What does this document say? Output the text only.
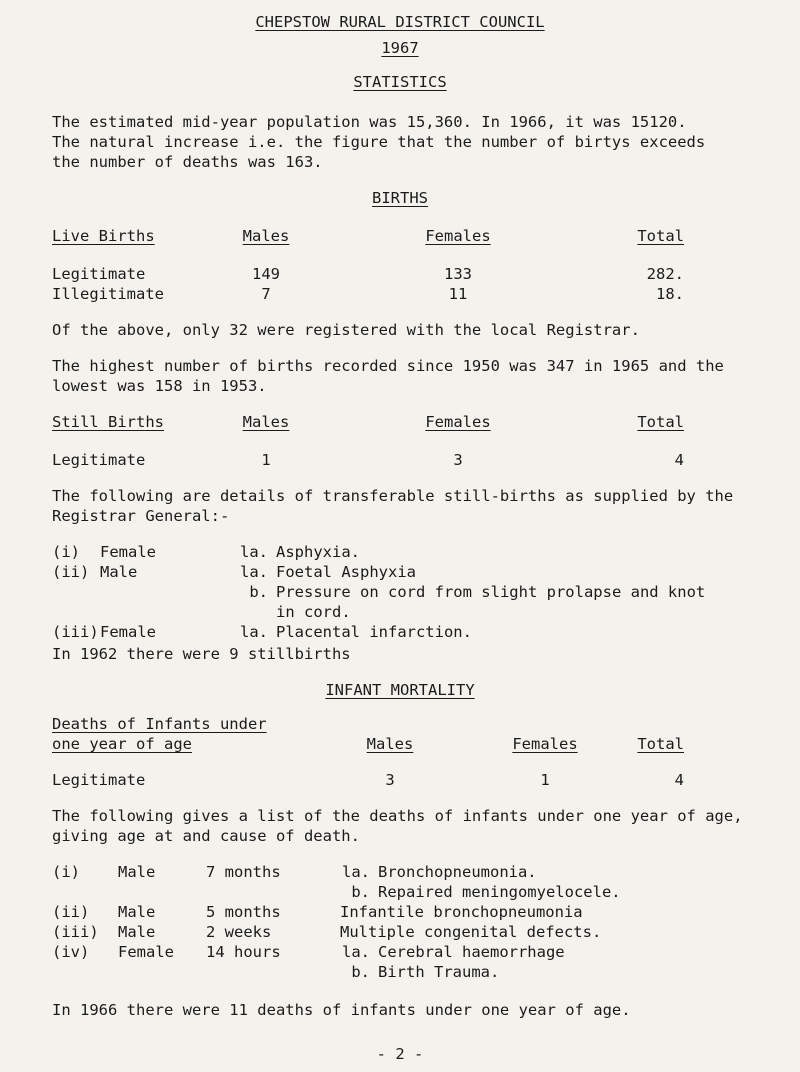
CHEPSTOW RURAL DISTRICT COUNCIL
1967
STATISTICS
The estimated mid-year population was 15,360. In 1966, it was 15120.
The natural increase i.e. the figure that the number of birtys exceeds
the number of deaths was 163.
BIRTHS
Live Births	Males	Females	Total
Legitimate	149	133	282.
Illegitimate	7	11	18.
Of the above, only 32 were registered with the local Registrar.
The highest number of births recorded since 1950 was 347 in 1965 and the
lowest was 158 in 1953.
Still Births	Males	Females	Total
Legitimate	1	3	4
The following are details of transferable still-births as supplied by the
Registrar General:-
(i) Female	la. Asphyxia.
(ii) Male	la. Foetal Asphyxia
b. Pressure on cord from slight prolapse and knot
in cord.
(iii) Female	la. Placental infarction.
In 1962 there were 9 stillbirths
INFANT MORTALITY
Deaths of Infants under
one year of age	Males	Females	Total
Legitimate	3	1	4
The following gives a list of the deaths of infants under one year of age,
giving age at and cause of death.
(i) Male	7 months	la. Bronchopneumonia.
b. Repaired meningomyelocele.
(ii) Male	5 months	Infantile bronchopneumonia
(iii) Male	2 weeks	Multiple congenital defects.
(iv) Female 14 hours	la. Cerebral haemorrhage
b. Birth Trauma.
In 1966 there were 11 deaths of infants under one year of age.
- 2 -
